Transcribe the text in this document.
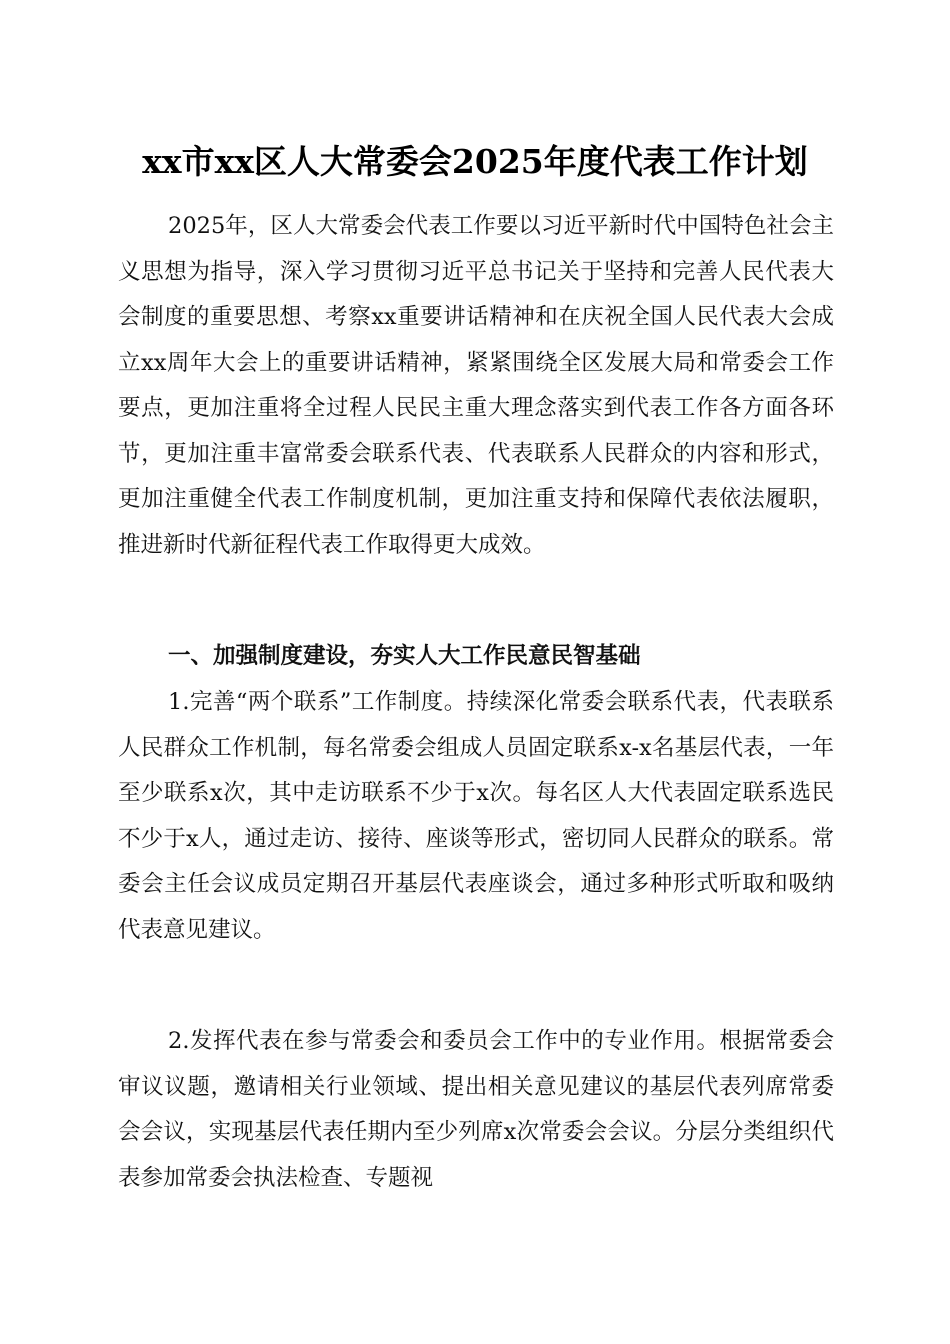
xx市xx区人大常委会2025年度代表工作计划

2025年，区人大常委会代表工作要以习近平新时代中国特色社会主义思想为指导，深入学习贯彻习近平总书记关于坚持和完善人民代表大会制度的重要思想、考察xx重要讲话精神和在庆祝全国人民代表大会成立xx周年大会上的重要讲话精神，紧紧围绕全区发展大局和常委会工作要点，更加注重将全过程人民民主重大理念落实到代表工作各方面各环节，更加注重丰富常委会联系代表、代表联系人民群众的内容和形式，更加注重健全代表工作制度机制，更加注重支持和保障代表依法履职，推进新时代新征程代表工作取得更大成效。

一、加强制度建设，夯实人大工作民意民智基础

1.完善“两个联系”工作制度。持续深化常委会联系代表，代表联系人民群众工作机制，每名常委会组成人员固定联系x-x名基层代表，一年至少联系x次，其中走访联系不少于x次。每名区人大代表固定联系选民不少于x人，通过走访、接待、座谈等形式，密切同人民群众的联系。常委会主任会议成员定期召开基层代表座谈会，通过多种形式听取和吸纳代表意见建议。

2.发挥代表在参与常委会和委员会工作中的专业作用。根据常委会审议议题，邀请相关行业领域、提出相关意见建议的基层代表列席常委会会议，实现基层代表任期内至少列席x次常委会会议。分层分类组织代表参加常委会执法检查、专题视
